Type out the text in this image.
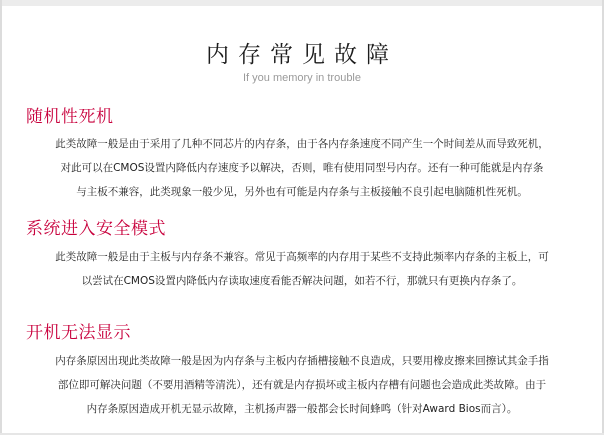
内存常见故障
If you memory in trouble
随机性死机
此类故障一般是由于采用了几种不同芯片的内存条，由于各内存条速度不同产生一个时间差从而导致死机，
对此可以在CMOS设置内降低内存速度予以解决，否则，唯有使用同型号内存。还有一种可能就是内存条
与主板不兼容，此类现象一般少见，另外也有可能是内存条与主板接触不良引起电脑随机性死机。
系统进入安全模式
此类故障一般是由于主板与内存条不兼容。常见于高频率的内存用于某些不支持此频率内存条的主板上，可
以尝试在CMOS设置内降低内存读取速度看能否解决问题，如若不行，那就只有更换内存条了。
开机无法显示
内存条原因出现此类故障一般是因为内存条与主板内存插槽接触不良造成，只要用橡皮擦来回擦试其金手指
部位即可解决问题（不要用酒精等清洗），还有就是内存损坏或主板内存槽有问题也会造成此类故障。由于
内存条原因造成开机无显示故障，主机扬声器一般都会长时间蜂鸣（针对Award Bios而言）。
